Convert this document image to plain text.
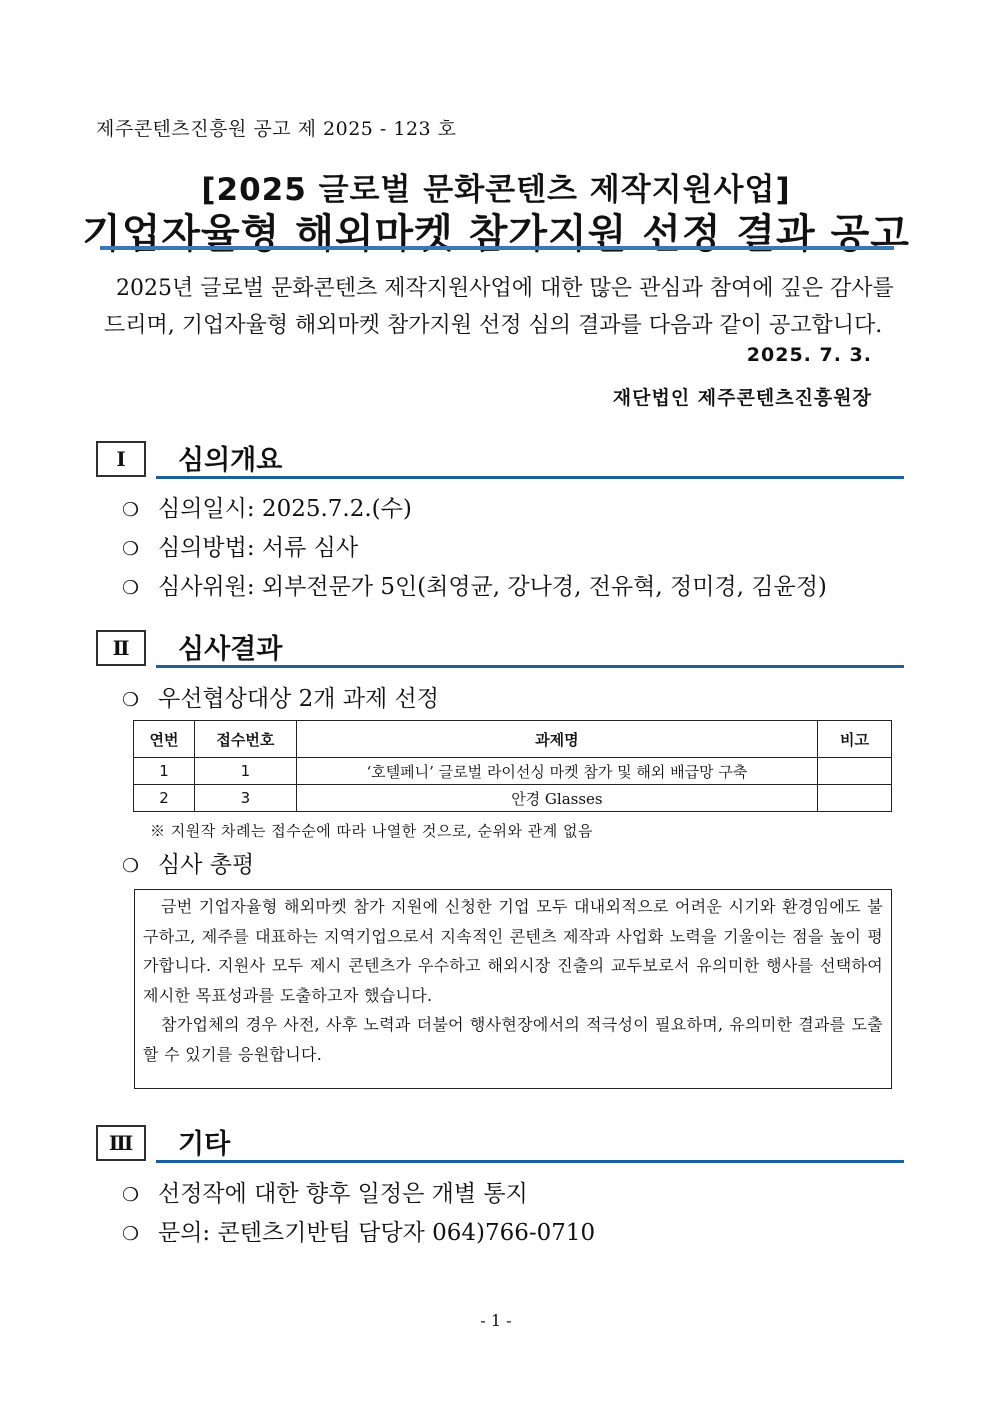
제주콘텐츠진흥원 공고 제 2025 - 123 호
[2025 글로벌 문화콘텐츠 제작지원사업]
기업자율형 해외마켓 참가지원 선정 결과 공고
2025년 글로벌 문화콘텐츠 제작지원사업에 대한 많은 관심과 참여에 깊은 감사를
드리며, 기업자율형 해외마켓 참가지원 선정 심의 결과를 다음과 같이 공고합니다.
2025. 7. 3.
재단법인 제주콘텐츠진흥원장
Ⅰ	심의개요
❍ 심의일시: 2025.7.2.(수)
❍ 심의방법: 서류 심사
❍ 심사위원: 외부전문가 5인(최영균, 강나경, 전유혁, 정미경, 김윤정)
Ⅱ	심사결과
❍ 우선협상대상 2개 과제 선정
연번	접수번호	과제명	비고
1	1	‘호텔페니’ 글로벌 라이선싱 마켓 참가 및 해외 배급망 구축	
2	3	안경 Glasses	
※ 지원작 차례는 접수순에 따라 나열한 것으로, 순위와 관계 없음
❍ 심사 총평

금번 기업자율형 해외마켓 참가 지원에 신청한 기업 모두 대내외적으로 어려운 시기와 환경임에도 불구하고, 제주를 대표하는 지역기업으로서 지속적인 콘텐츠 제작과 사업화 노력을 기울이는 점을 높이 평가합니다. 지원사 모두 제시 콘텐츠가 우수하고 해외시장 진출의 교두보로서 유의미한 행사를 선택하여 제시한 목표성과를 도출하고자 했습니다.

참가업체의 경우 사전, 사후 노력과 더불어 행사현장에서의 적극성이 필요하며, 유의미한 결과를 도출할 수 있기를 응원합니다.

Ⅲ	기타
❍ 선정작에 대한 향후 일정은 개별 통지
❍ 문의: 콘텐츠기반팀 담당자 064)766-0710
- 1 -
